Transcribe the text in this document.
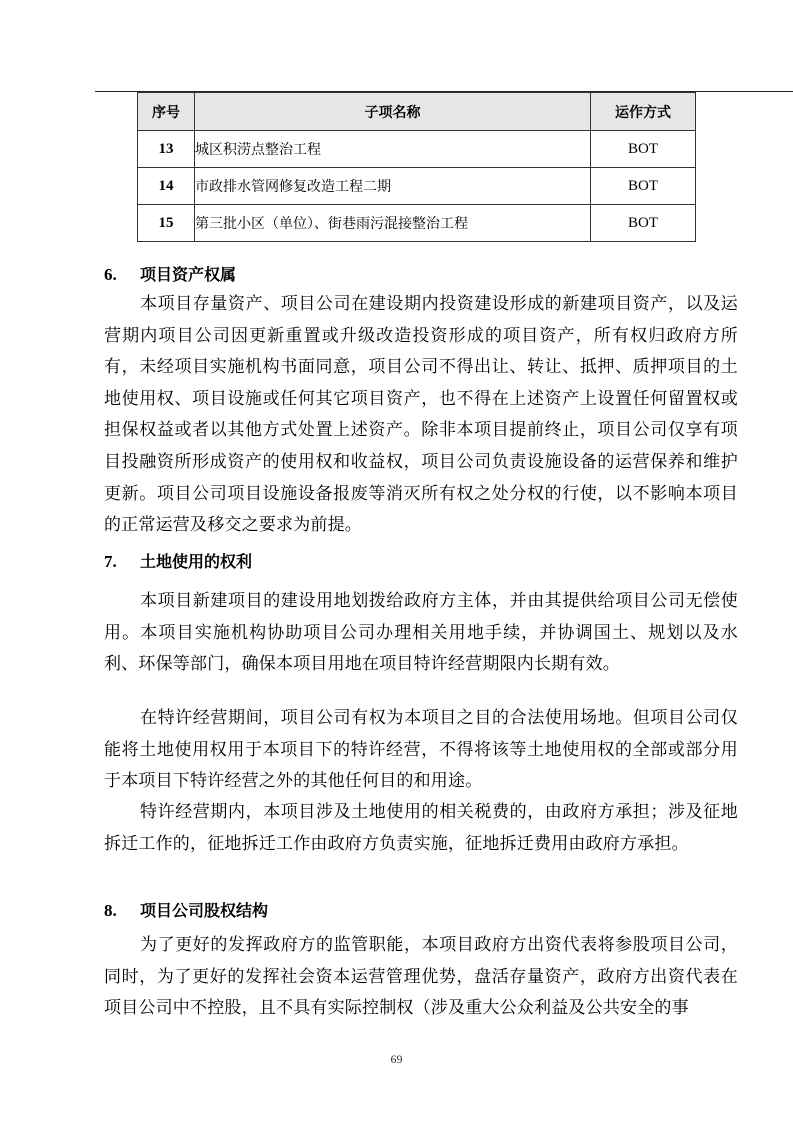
序号	子项名称	运作方式
13	城区积涝点整治工程	BOT
14	市政排水管网修复改造工程二期	BOT
15	第三批小区（单位）、街巷雨污混接整治工程	BOT
6. 项目资产权属
本项目存量资产、项目公司在建设期内投资建设形成的新建项目资产，以及运营期内项目公司因更新重置或升级改造投资形成的项目资产，所有权归政府方所有，未经项目实施机构书面同意，项目公司不得出让、转让、抵押、质押项目的土地使用权、项目设施或任何其它项目资产，也不得在上述资产上设置任何留置权或担保权益或者以其他方式处置上述资产。除非本项目提前终止，项目公司仅享有项目投融资所形成资产的使用权和收益权，项目公司负责设施设备的运营保养和维护更新。项目公司项目设施设备报废等消灭所有权之处分权的行使，以不影响本项目的正常运营及移交之要求为前提。
7. 土地使用的权利
本项目新建项目的建设用地划拨给政府方主体，并由其提供给项目公司无偿使用。本项目实施机构协助项目公司办理相关用地手续，并协调国土、规划以及水利、环保等部门，确保本项目用地在项目特许经营期限内长期有效。
在特许经营期间，项目公司有权为本项目之目的合法使用场地。但项目公司仅能将土地使用权用于本项目下的特许经营，不得将该等土地使用权的全部或部分用于本项目下特许经营之外的其他任何目的和用途。
特许经营期内，本项目涉及土地使用的相关税费的，由政府方承担；涉及征地拆迁工作的，征地拆迁工作由政府方负责实施，征地拆迁费用由政府方承担。
8. 项目公司股权结构
为了更好的发挥政府方的监管职能，本项目政府方出资代表将参股项目公司，同时，为了更好的发挥社会资本运营管理优势，盘活存量资产，政府方出资代表在项目公司中不控股，且不具有实际控制权（涉及重大公众利益及公共安全的事
69
